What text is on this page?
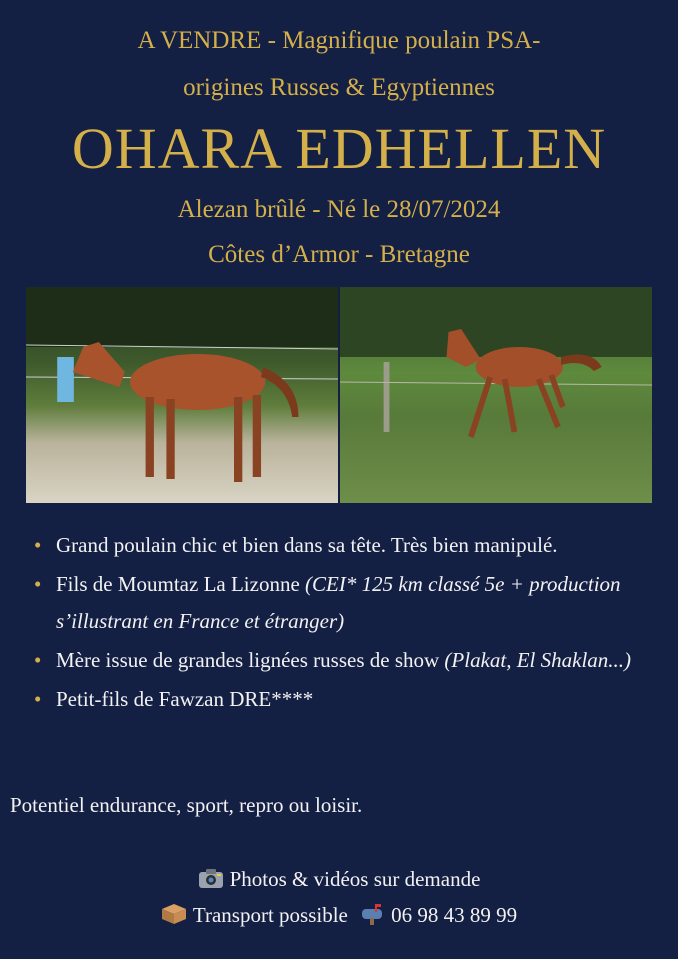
A VENDRE - Magnifique poulain PSA-
origines Russes & Egyptiennes
OHARA EDHELLEN
Alezan brûlé - Né le 28/07/2024
Côtes d’Armor - Bretagne
• Grand poulain chic et bien dans sa tête. Très bien manipulé.
• Fils de Moumtaz La Lizonne (CEI* 125 km classé 5e + production s’illustrant en France et étranger)
• Mère issue de grandes lignées russes de show (Plakat, El Shaklan...)
• Petit-fils de Fawzan DRE****
Potentiel endurance, sport, repro ou loisir.
Photos & vidéos sur demande
Transport possible 06 98 43 89 99
